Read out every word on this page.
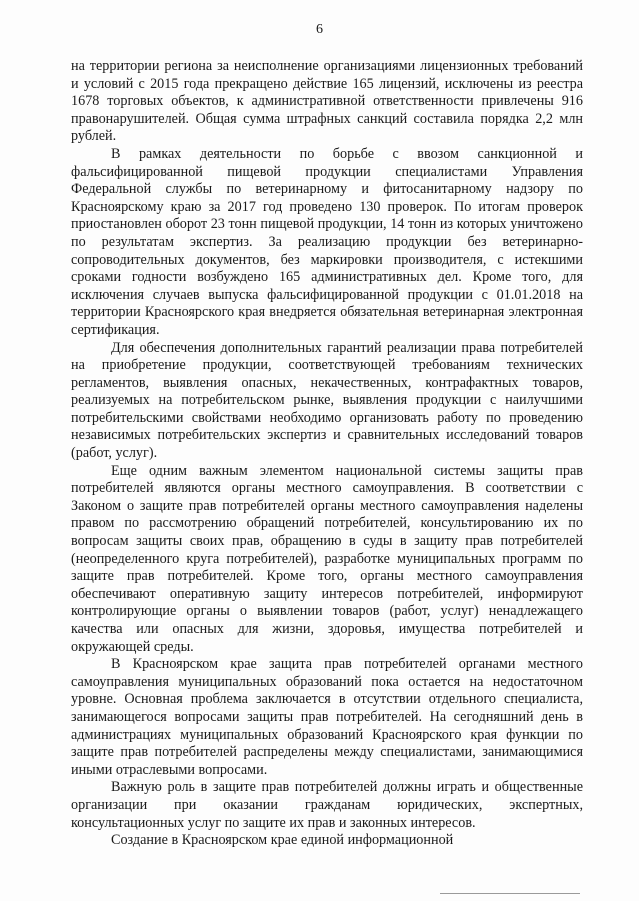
6

на территории региона за неисполнение организациями лицензионных требований и условий с 2015 года прекращено действие 165 лицензий, исключены из реестра 1678 торговых объектов, к административной ответственности привлечены 916 правонарушителей. Общая сумма штрафных санкций составила порядка 2,2 млн рублей.

В рамках деятельности по борьбе с ввозом санкционной и фальсифицированной пищевой продукции специалистами Управления Федеральной службы по ветеринарному и фитосанитарному надзору по Красноярскому краю за 2017 год проведено 130 проверок. По итогам проверок приостановлен оборот 23 тонн пищевой продукции, 14 тонн из которых уничтожено по результатам экспертиз. За реализацию продукции без ветеринарно-сопроводительных документов, без маркировки производителя, с истекшими сроками годности возбуждено 165 административных дел. Кроме того, для исключения случаев выпуска фальсифицированной продукции с 01.01.2018 на территории Красноярского края внедряется обязательная ветеринарная электронная сертификация.

Для обеспечения дополнительных гарантий реализации права потребителей на приобретение продукции, соответствующей требованиям технических регламентов, выявления опасных, некачественных, контрафактных товаров, реализуемых на потребительском рынке, выявления продукции с наилучшими потребительскими свойствами необходимо организовать работу по проведению независимых потребительских экспертиз и сравнительных исследований товаров (работ, услуг).

Еще одним важным элементом национальной системы защиты прав потребителей являются органы местного самоуправления. В соответствии с Законом о защите прав потребителей органы местного самоуправления наделены правом по рассмотрению обращений потребителей, консультированию их по вопросам защиты своих прав, обращению в суды в защиту прав потребителей (неопределенного круга потребителей), разработке муниципальных программ по защите прав потребителей. Кроме того, органы местного самоуправления обеспечивают оперативную защиту интересов потребителей, информируют контролирующие органы о выявлении товаров (работ, услуг) ненадлежащего качества или опасных для жизни, здоровья, имущества потребителей и окружающей среды.

В Красноярском крае защита прав потребителей органами местного самоуправления муниципальных образований пока остается на недостаточном уровне. Основная проблема заключается в отсутствии отдельного специалиста, занимающегося вопросами защиты прав потребителей. На сегодняшний день в администрациях муниципальных образований Красноярского края функции по защите прав потребителей распределены между специалистами, занимающимися иными отраслевыми вопросами.

Важную роль в защите прав потребителей должны играть и общественные организации при оказании гражданам юридических, экспертных, консультационных услуг по защите их прав и законных интересов.

Создание в Красноярском крае единой информационной
